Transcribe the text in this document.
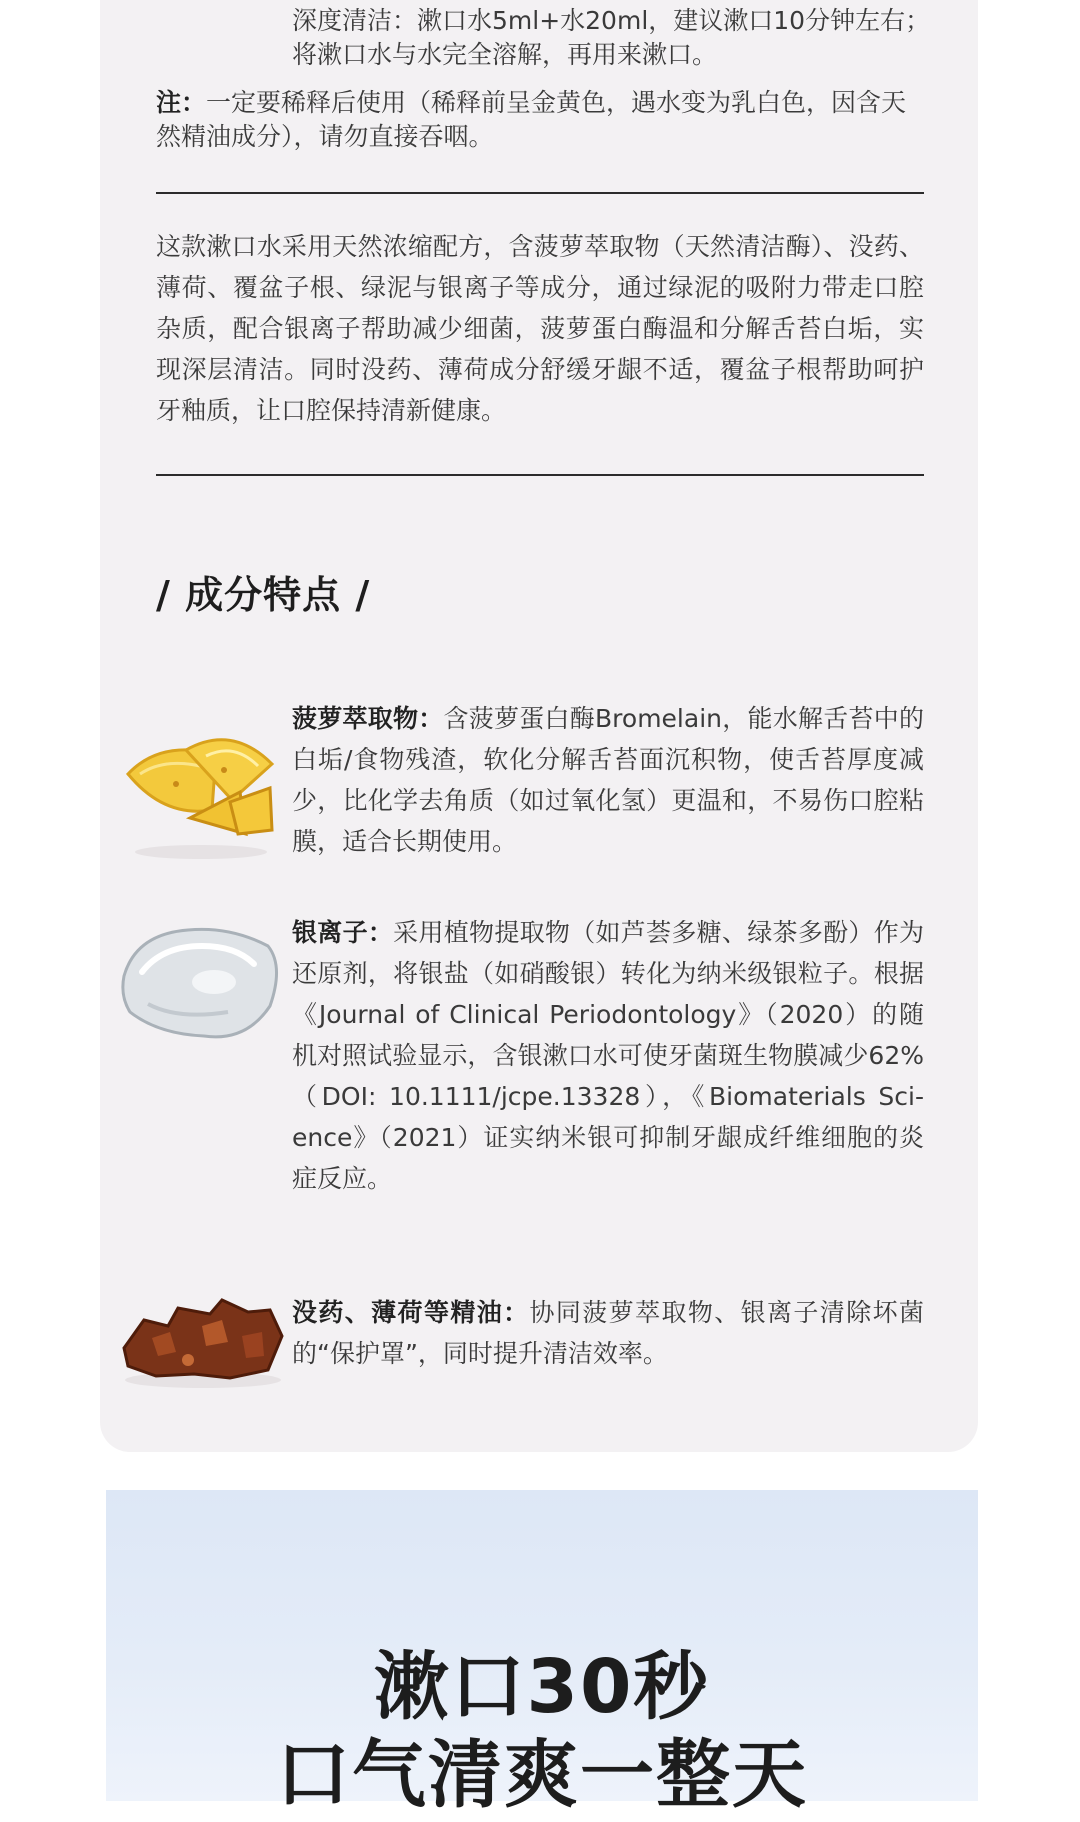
深度清洁：漱口水5ml+水20ml，建议漱口10分钟左右；
将漱口水与水完全溶解，再用来漱口。
注：一定要稀释后使用（稀释前呈金黄色，遇水变为乳白色，因含天然精油成分），请勿直接吞咽。
这款漱口水采用天然浓缩配方，含菠萝萃取物（天然清洁酶）、没药、薄荷、覆盆子根、绿泥与银离子等成分，通过绿泥的吸附力带走口腔杂质，配合银离子帮助减少细菌，菠萝蛋白酶温和分解舌苔白垢，实现深层清洁。同时没药、薄荷成分舒缓牙龈不适，覆盆子根帮助呵护牙釉质，让口腔保持清新健康。
/ 成分特点 /
菠萝萃取物：含菠萝蛋白酶Bromelain，能水解舌苔中的白垢/食物残渣，软化分解舌苔面沉积物，使舌苔厚度减少，比化学去角质（如过氧化氢）更温和，不易伤口腔粘膜，适合长期使用。
银离子：采用植物提取物（如芦荟多糖、绿茶多酚）作为还原剂，将银盐（如硝酸银）转化为纳米级银粒子。根据《Journal of Clinical Periodontology》（2020）的随机对照试验显示，含银漱口水可使牙菌斑生物膜减少62%（DOI: 10.1111/jcpe.13328），《Biomaterials Science》（2021）证实纳米银可抑制牙龈成纤维细胞的炎症反应。
没药、薄荷等精油：协同菠萝萃取物、银离子清除坏菌的“保护罩”，同时提升清洁效率。
漱口30秒
口气清爽一整天
